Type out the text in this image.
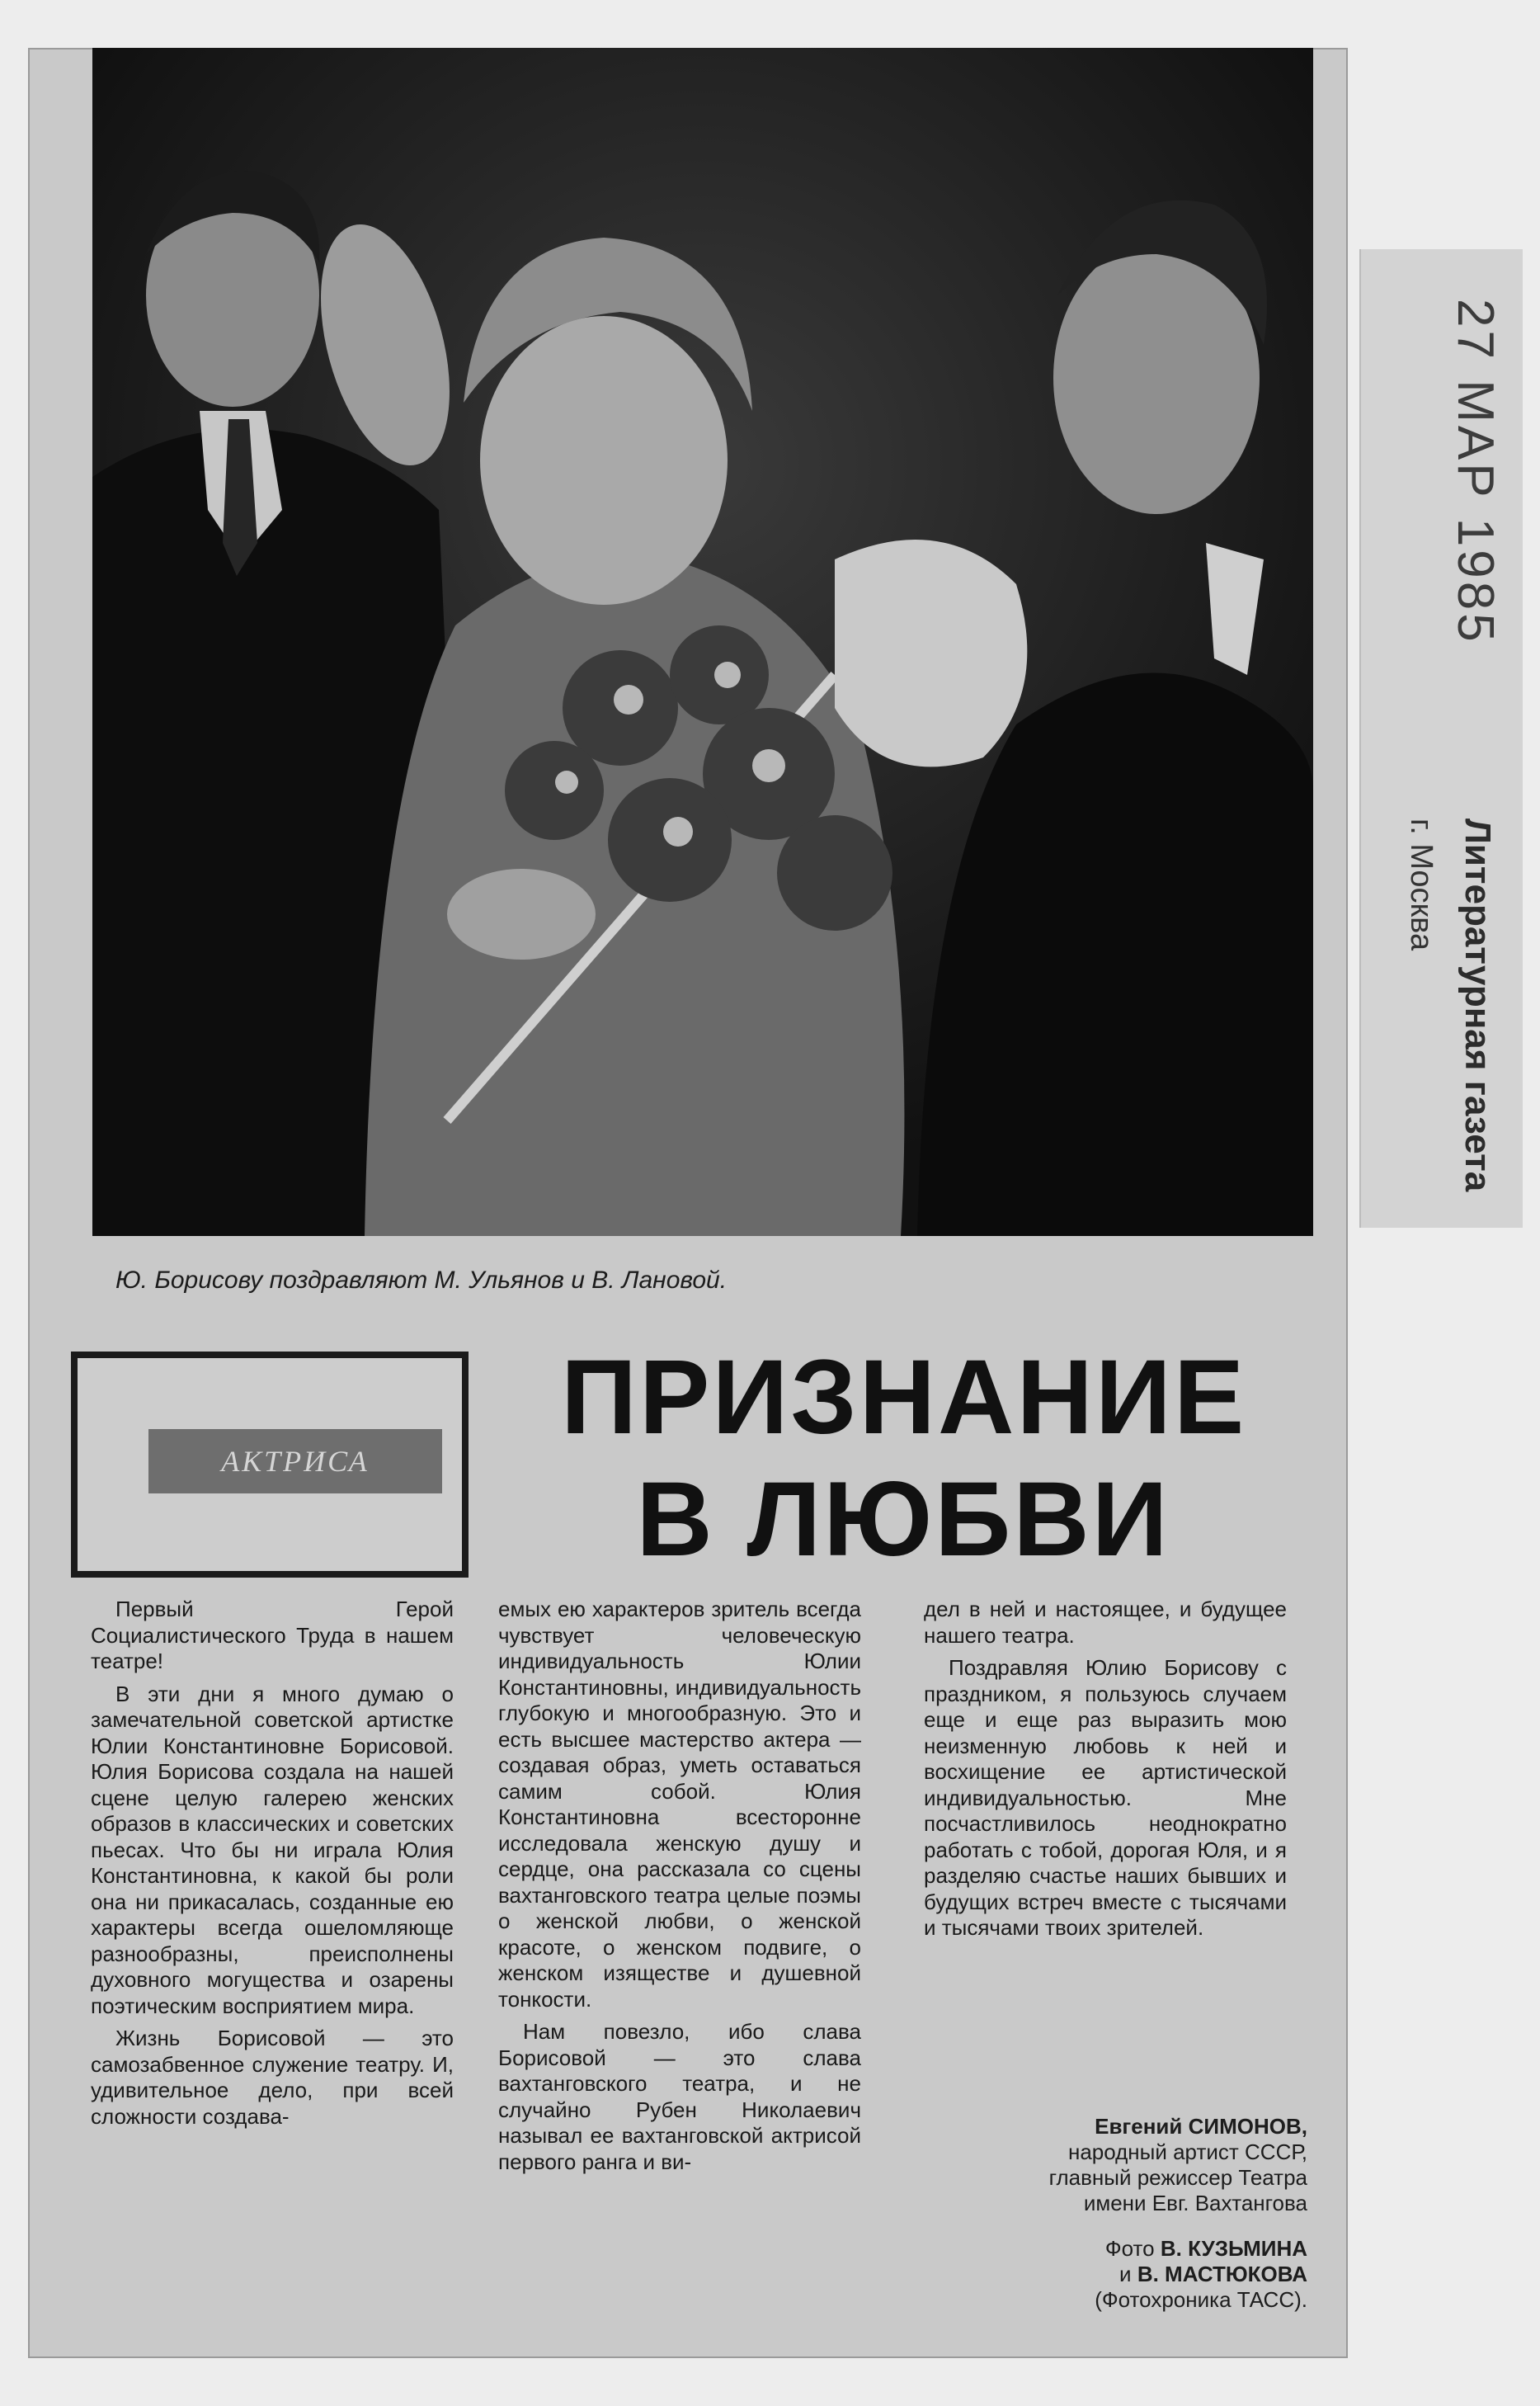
Ю. Борисову поздравляют М. Ульянов и В. Лановой.
27 МАР 1985
Литературная газета
г. Москва
АКТРИСА
ПРИЗНАНИЕ
В ЛЮБВИ

Первый Герой Социалистического Труда в нашем театре!

В эти дни я много думаю о замечательной советской артистке Юлии Константиновне Борисовой. Юлия Борисова создала на нашей сцене целую галерею женских образов в классических и советских пьесах. Что бы ни играла Юлия Константиновна, к какой бы роли она ни прикасалась, созданные ею характеры всегда ошеломляюще разнообразны, преисполнены духовного могущества и озарены поэтическим восприятием мира.

Жизнь Борисовой — это самозабвенное служение театру. И, удивительное дело, при всей сложности создава-

емых ею характеров зритель всегда чувствует человеческую индивидуальность Юлии Константиновны, индивидуальность глубокую и многообразную. Это и есть высшее мастерство актера — создавая образ, уметь оставаться самим собой. Юлия Константиновна всесторонне исследовала женскую душу и сердце, она рассказала со сцены вахтанговского театра целые поэмы о женской любви, о женской красоте, о женском подвиге, о женском изяществе и душевной тонкости.

Нам повезло, ибо слава Борисовой — это слава вахтанговского театра, и не случайно Рубен Николаевич называл ее вахтанговской актрисой первого ранга и ви-

дел в ней и настоящее, и будущее нашего театра.

Поздравляя Юлию Борисову с праздником, я пользуюсь случаем еще и еще раз выразить мою неизменную любовь к ней и восхищение ее артистической индивидуальностью. Мне посчастливилось неоднократно работать с тобой, дорогая Юля, и я разделяю счастье наших бывших и будущих встреч вместе с тысячами и тысячами твоих зрителей.

Евгений СИМОНОВ,
народный артист СССР,
главный режиссер Театра
имени Евг. Вахтангова
Фото В. КУЗЬМИНА
и В. МАСТЮКОВА
(Фотохроника ТАСС).
